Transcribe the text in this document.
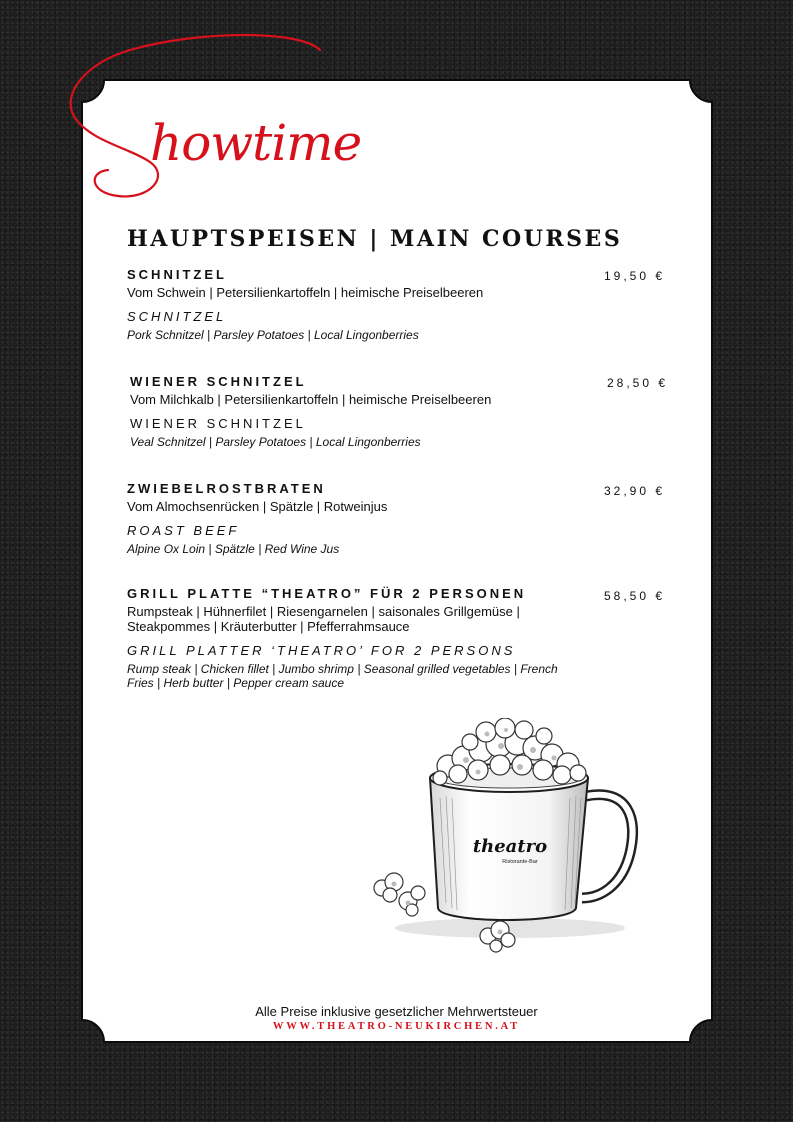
howtime
HAUPTSPEISEN | MAIN COURSES
SCHNITZEL
Vom Schwein | Petersilienkartoffeln | heimische Preiselbeeren
SCHNITZEL
Pork Schnitzel | Parsley Potatoes | Local Lingonberries
19,50 €
WIENER SCHNITZEL
Vom Milchkalb | Petersilienkartoffeln | heimische Preiselbeeren
WIENER SCHNITZEL
Veal Schnitzel | Parsley Potatoes | Local Lingonberries
28,50 €
ZWIEBELROSTBRATEN
Vom Almochsenrücken | Spätzle | Rotweinjus
ROAST BEEF
Alpine Ox Loin | Spätzle | Red Wine Jus
32,90 €
GRILL PLATTE “THEATRO” FÜR 2 PERSONEN
Rumpsteak | Hühnerfilet | Riesengarnelen | saisonales Grillgemüse | Steakpommes | Kräuterbutter | Pfefferrahmsauce
GRILL PLATTER ‘THEATRO’ FOR 2 PERSONS
Rump steak | Chicken fillet | Jumbo shrimp | Seasonal grilled vegetables | French Fries | Herb butter | Pepper cream sauce
58,50 €
theatro
Ristorante-Bar
Alle Preise inklusive gesetzlicher Mehrwertsteuer
WWW.THEATRO-NEUKIRCHEN.AT
